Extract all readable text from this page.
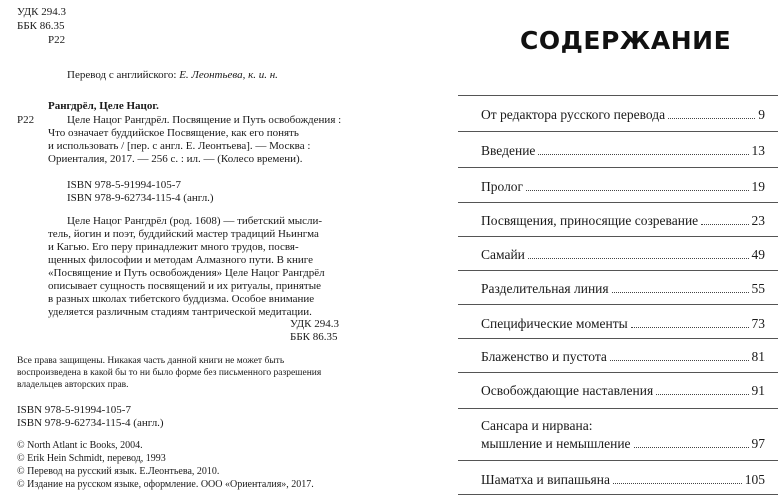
УДК 294.3
ББК 86.35
Р22
Перевод с английского: Е. Леонтьева, к. и. н.
Рангдрёл, Целе Нацог.
Р22	Целе Нацог Рангдрёл. Посвящение и Путь освобождения :
Что означает буддийское Посвящение, как его понять
и использовать / [пер. с англ. Е. Леонтьева]. — Москва :
Ориенталия, 2017. — 256 с. : ил. — (Колесо времени).
ISBN 978-5-91994-105-7
ISBN 978-9-62734-115-4 (англ.)
Целе Нацог Рангдрёл (род. 1608) — тибетский мысли-
тель, йогин и поэт, буддийский мастер традиций Ньингма
и Кагью. Его перу принадлежит много трудов, посвя-
щенных философии и методам Алмазного пути. В книге
«Посвящение и Путь освобождения» Целе Нацог Рангдрёл
описывает сущность посвящений и их ритуалы, принятые
в разных школах тибетского буддизма. Особое внимание
уделяется различным стадиям тантрической медитации.
УДК 294.3
ББК 86.35
Все права защищены. Никакая часть данной книги не может быть
воспроизведена в какой бы то ни было форме без письменного разрешения
владельцев авторских прав.
ISBN 978-5-91994-105-7
ISBN 978-9-62734-115-4 (англ.)
© North Atlant ic Books, 2004.
© Erik Hein Schmidt, перевод, 1993
© Перевод на русский язык. Е.Леонтьева, 2010.
© Издание на русском языке, оформление. ООО «Ориенталия», 2017.
СОДЕРЖАНИЕ
От редактора русского перевода	9
Введение	13
Пролог	19
Посвящения, приносящие созревание	23
Самайи	49
Разделительная линия	55
Специфические моменты	73
Блаженство и пустота	81
Освобождающие наставления	91
Сансара и нирвана:
мышление и немышление	97
Шаматха и випашьяна	105
